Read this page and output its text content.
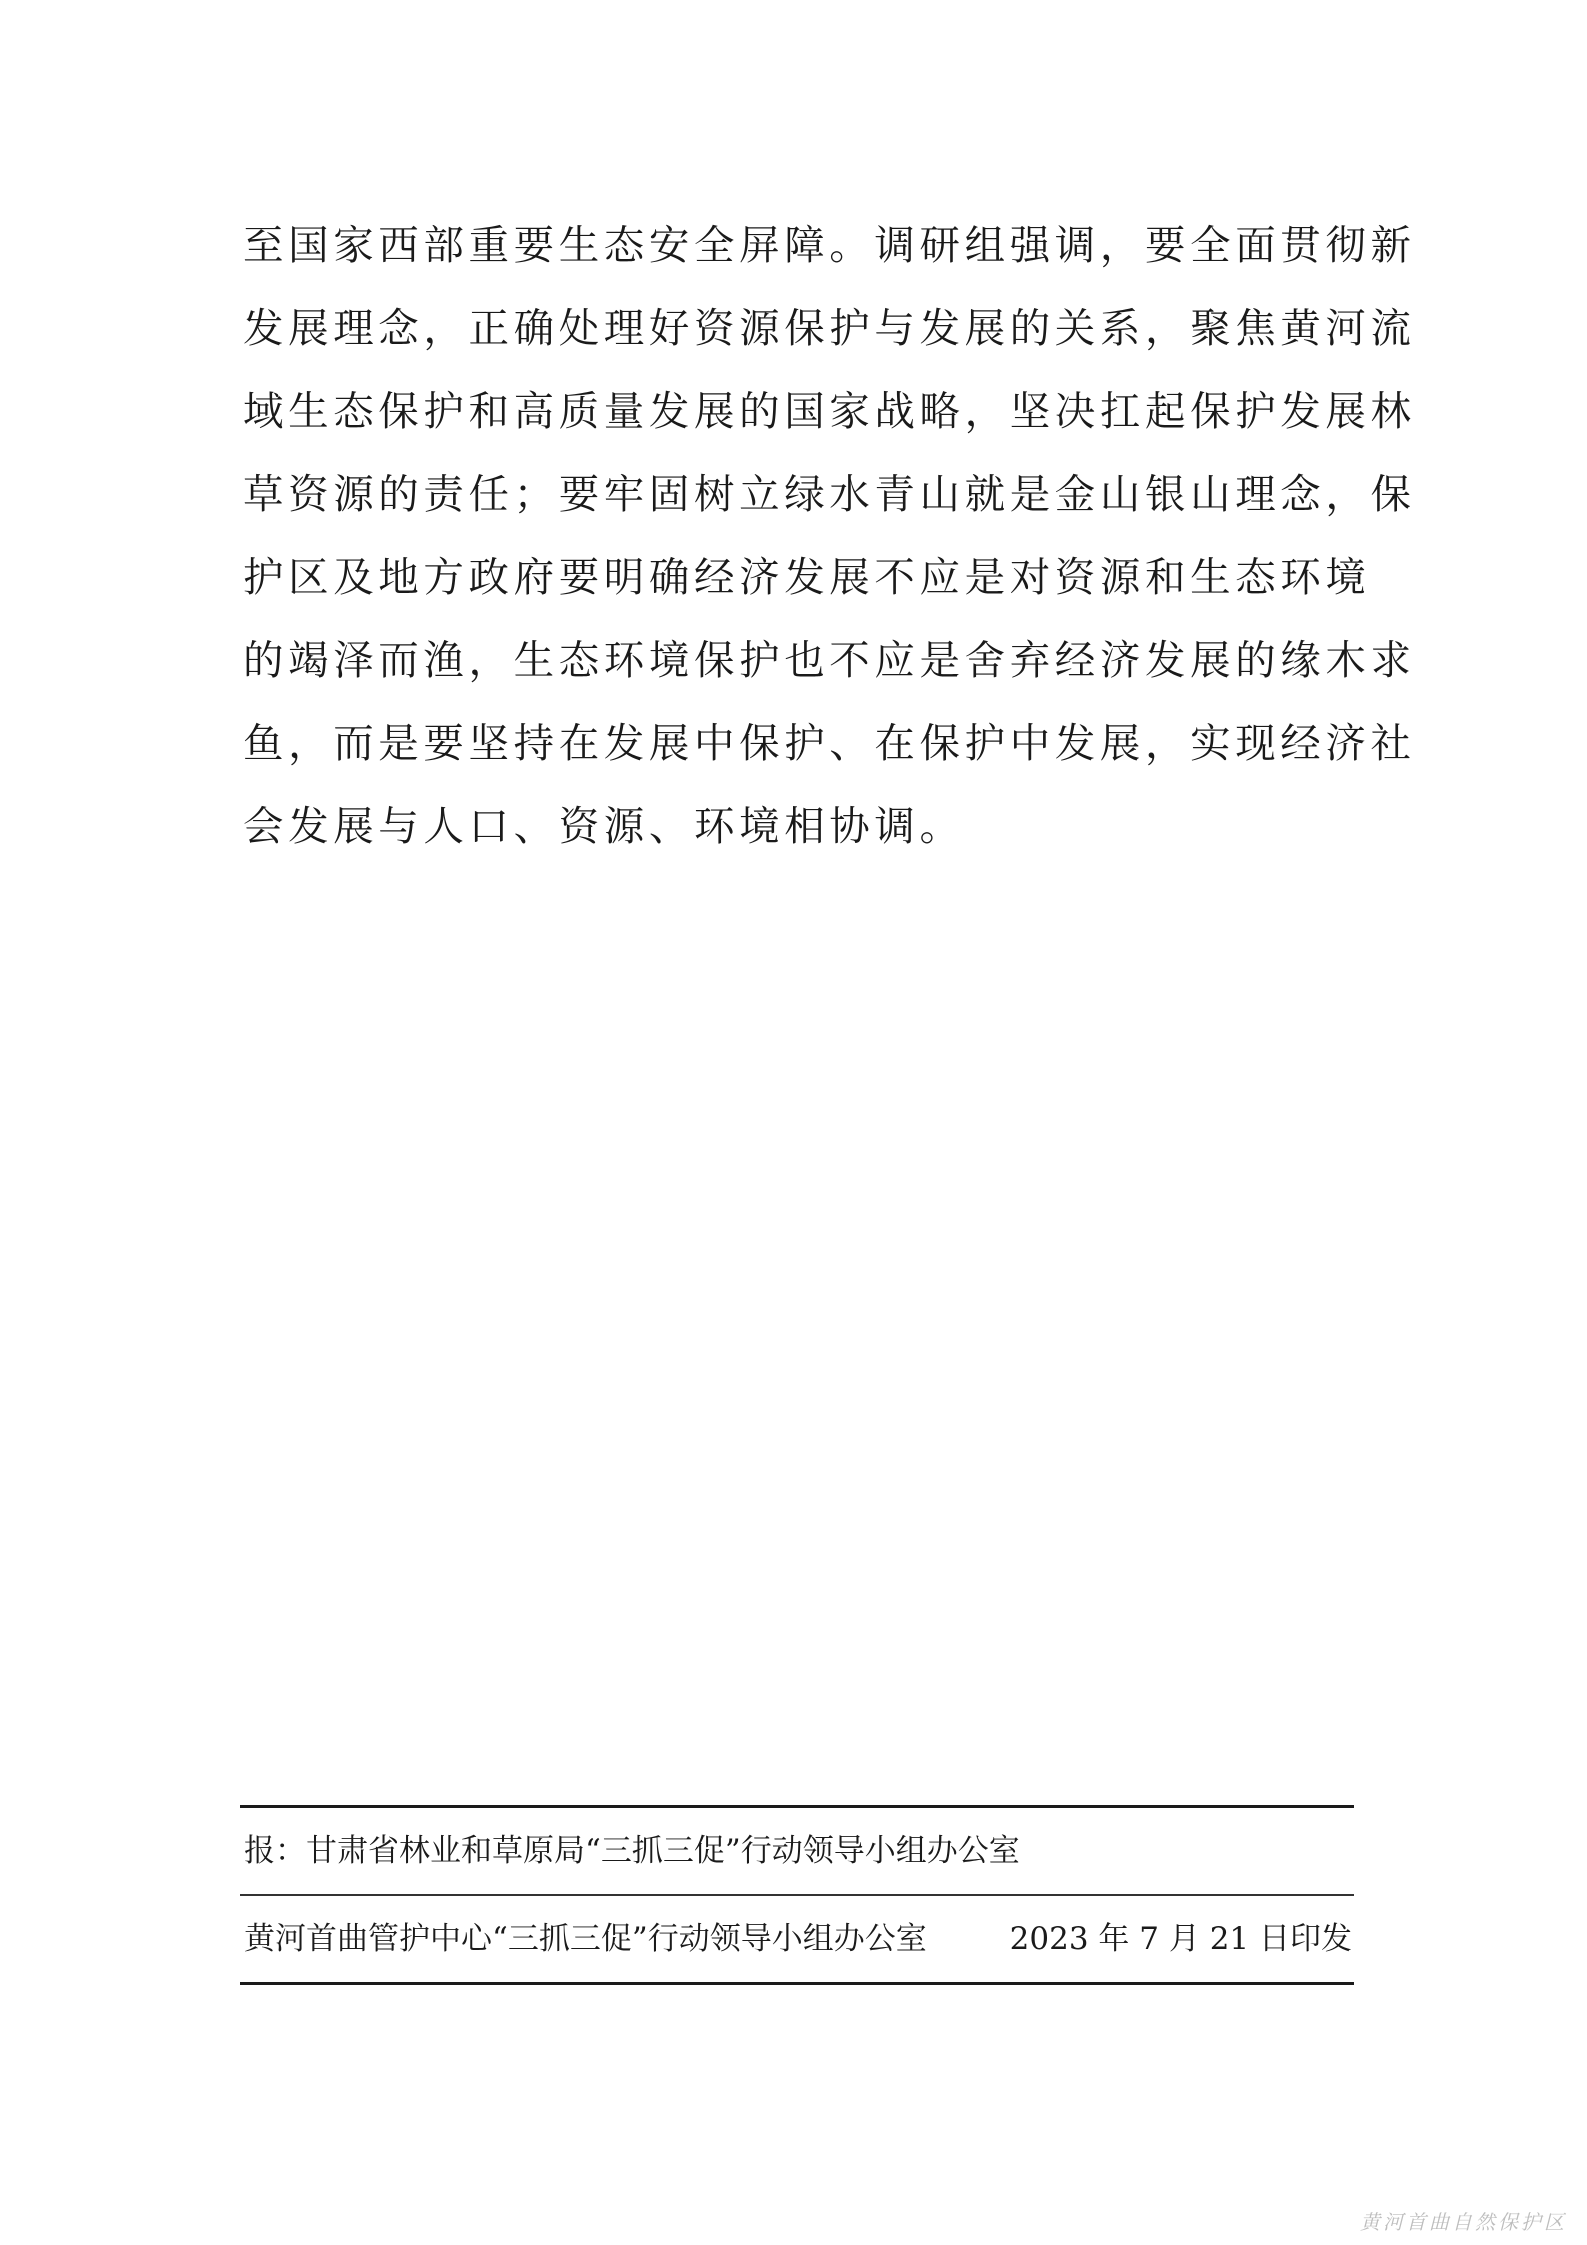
至国家西部重要生态安全屏障。调研组强调，要全面贯彻新
发展理念，正确处理好资源保护与发展的关系，聚焦黄河流
域生态保护和高质量发展的国家战略，坚决扛起保护发展林
草资源的责任；要牢固树立绿水青山就是金山银山理念，保
护区及地方政府要明确经济发展不应是对资源和生态环境
的竭泽而渔，生态环境保护也不应是舍弃经济发展的缘木求
鱼，而是要坚持在发展中保护、在保护中发展，实现经济社
会发展与人口、资源、环境相协调。
报：甘肃省林业和草原局“三抓三促”行动领导小组办公室
黄河首曲管护中心“三抓三促”行动领导小组办公室	2023 年 7 月 21 日印发
黄河首曲自然保护区
